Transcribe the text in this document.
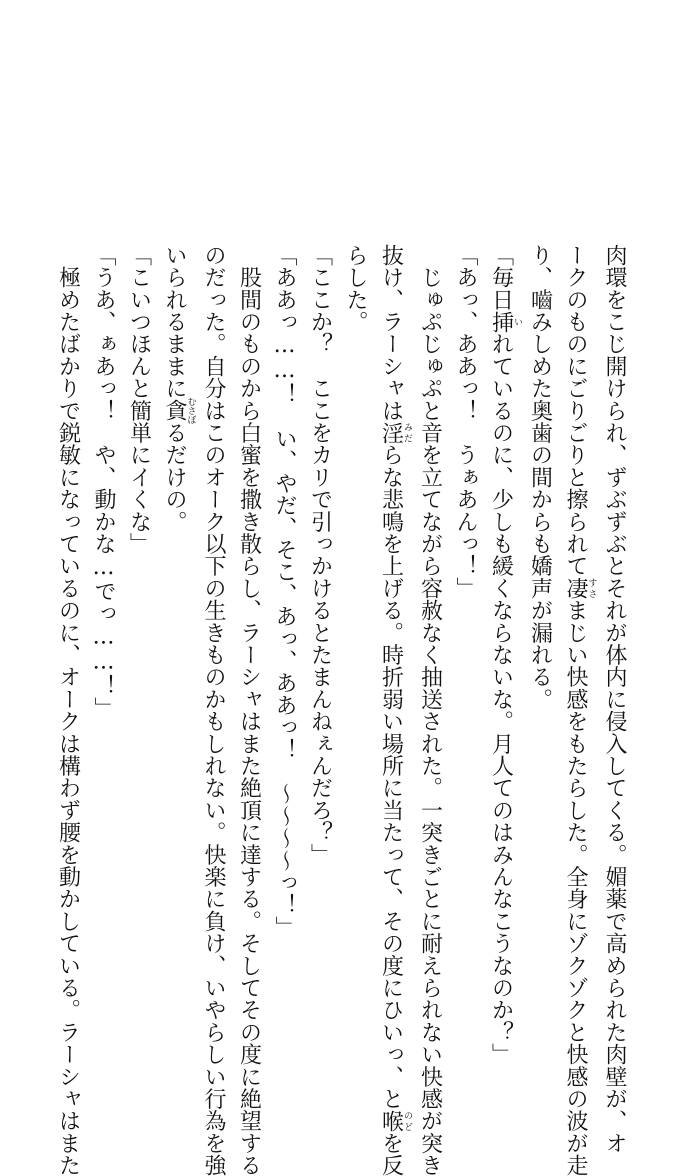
肉環をこじ開けられ、ずぶずぶとそれが体内に侵入してくる。媚薬で高められた肉壁が、オ
ークのものにごりごりと擦られて凄すさまじい快感をもたらした。全身にゾクゾクと快感の波が走
り、嚙みしめた奥歯の間からも嬌声が漏れる。
「毎日挿いれているのに、少しも緩くならないな。月人てのはみんなこうなのか？」
「あっ、ああっ！　うぁあんっ！」
　じゅぷじゅぷと音を立てながら容赦なく抽送された。一突きごとに耐えられない快感が突き
抜け、ラーシャは淫みだらな悲鳴を上げる。時折弱い場所に当たって、その度にひいっ、と喉のどを反
らした。
「ここか？　ここをカリで引っかけるとたまんねぇんだろ？」
「ああっ……！　い、やだ、そこ、あっ、ああっ！　〜〜〜〜っ！」
　股間のものから白蜜を撒き散らし、ラーシャはまた絶頂に達する。そしてその度に絶望する
のだった。自分はこのオーク以下の生きものかもしれない。快楽に負け、いやらしい行為を強
いられるままに貪むさぼるだけの。
「こいつほんと簡単にイくな」
「うあ、ぁあっ！　や、動かな…でっ……！」
　極めたばかりで鋭敏になっているのに、オークは構わず腰を動かしている。ラーシャはまた
